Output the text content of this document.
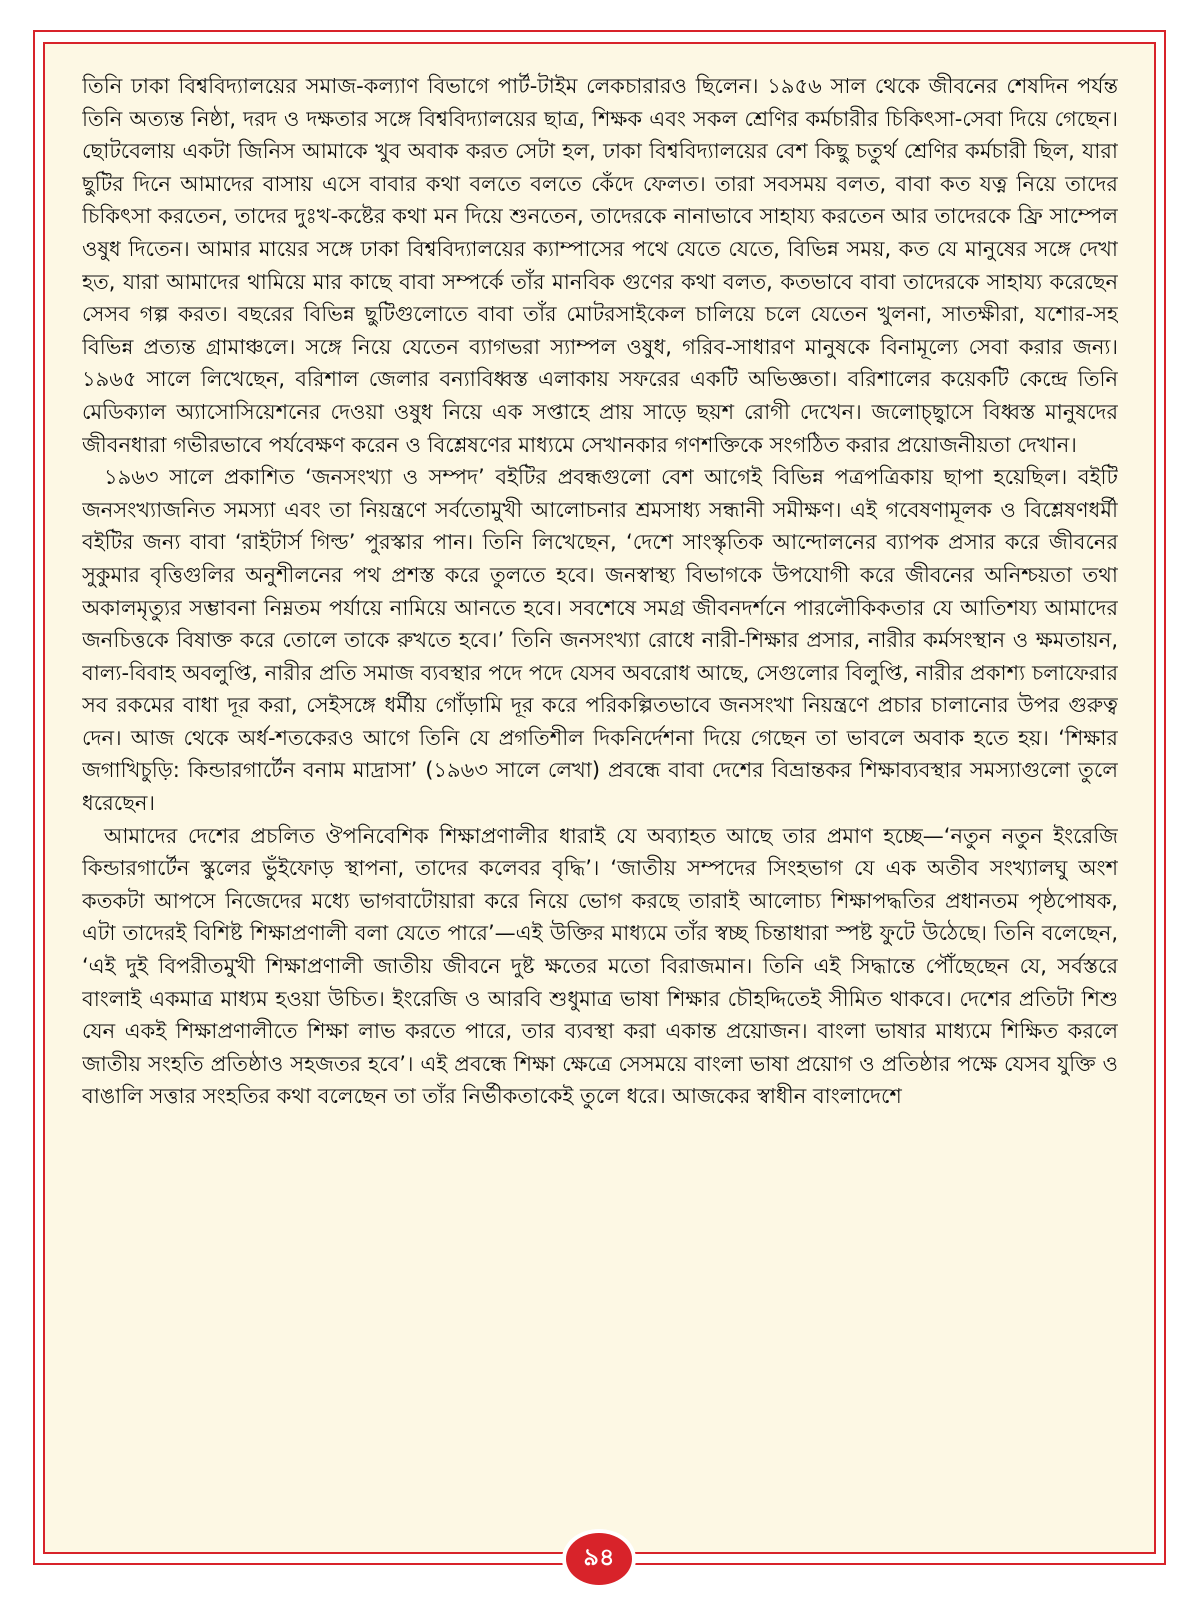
তিনি ঢাকা বিশ্ববিদ্যালয়ের সমাজ-কল্যাণ বিভাগে পার্ট-টাইম লেকচারারও ছিলেন। ১৯৫৬ সাল থেকে জীবনের শেষদিন পর্যন্ত তিনি অত্যন্ত নিষ্ঠা, দরদ ও দক্ষতার সঙ্গে বিশ্ববিদ্যালয়ের ছাত্র, শিক্ষক এবং সকল শ্রেণির কর্মচারীর চিকিৎসা-সেবা দিয়ে গেছেন। ছোটবেলায় একটা জিনিস আমাকে খুব অবাক করত সেটা হল, ঢাকা বিশ্ববিদ্যালয়ের বেশ কিছু চতুর্থ শ্রেণির কর্মচারী ছিল, যারা ছুটির দিনে আমাদের বাসায় এসে বাবার কথা বলতে বলতে কেঁদে ফেলত। তারা সবসময় বলত, বাবা কত যত্ন নিয়ে তাদের চিকিৎসা করতেন, তাদের দুঃখ-কষ্টের কথা মন দিয়ে শুনতেন, তাদেরকে নানাভাবে সাহায্য করতেন আর তাদেরকে ফ্রি সাম্পেল ওষুধ দিতেন। আমার মায়ের সঙ্গে ঢাকা বিশ্ববিদ্যালয়ের ক্যাম্পাসের পথে যেতে যেতে, বিভিন্ন সময়, কত যে মানুষের সঙ্গে দেখা হত, যারা আমাদের থামিয়ে মার কাছে বাবা সম্পর্কে তাঁর মানবিক গুণের কথা বলত, কতভাবে বাবা তাদেরকে সাহায্য করেছেন সেসব গল্প করত। বছরের বিভিন্ন ছুটিগুলোতে বাবা তাঁর মোটরসাইকেল চালিয়ে চলে যেতেন খুলনা, সাতক্ষীরা, যশোর-সহ বিভিন্ন প্রত্যন্ত গ্রামাঞ্চলে। সঙ্গে নিয়ে যেতেন ব্যাগভরা স্যাম্পল ওষুধ, গরিব-সাধারণ মানুষকে বিনামূল্যে সেবা করার জন্য। ১৯৬৫ সালে লিখেছেন, বরিশাল জেলার বন্যাবিধ্বস্ত এলাকায় সফরের একটি অভিজ্ঞতা। বরিশালের কয়েকটি কেন্দ্রে তিনি মেডিক্যাল অ্যাসোসিয়েশনের দেওয়া ওষুধ নিয়ে এক সপ্তাহে প্রায় সাড়ে ছয়শ রোগী দেখেন। জলোচ্ছ্বাসে বিধ্বস্ত মানুষদের জীবনধারা গভীরভাবে পর্যবেক্ষণ করেন ও বিশ্লেষণের মাধ্যমে সেখানকার গণশক্তিকে সংগঠিত করার প্রয়োজনীয়তা দেখান।

১৯৬৩ সালে প্রকাশিত ‘জনসংখ্যা ও সম্পদ’ বইটির প্রবন্ধগুলো বেশ আগেই বিভিন্ন পত্রপত্রিকায় ছাপা হয়েছিল। বইটি জনসংখ্যাজনিত সমস্যা এবং তা নিয়ন্ত্রণে সর্বতোমুখী আলোচনার শ্রমসাধ্য সন্ধানী সমীক্ষণ। এই গবেষণামূলক ও বিশ্লেষণধর্মী বইটির জন্য বাবা ‘রাইটার্স গিল্ড’ পুরস্কার পান। তিনি লিখেছেন, ‘দেশে সাংস্কৃতিক আন্দোলনের ব্যাপক প্রসার করে জীবনের সুকুমার বৃত্তিগুলির অনুশীলনের পথ প্রশস্ত করে তুলতে হবে। জনস্বাস্থ্য বিভাগকে উপযোগী করে জীবনের অনিশ্চয়তা তথা অকালমৃত্যুর সম্ভাবনা নিম্নতম পর্যায়ে নামিয়ে আনতে হবে। সবশেষে সমগ্র জীবনদর্শনে পারলৌকিকতার যে আতিশয্য আমাদের জনচিত্তকে বিষাক্ত করে তোলে তাকে রুখতে হবে।’ তিনি জনসংখ্যা রোধে নারী-শিক্ষার প্রসার, নারীর কর্মসংস্থান ও ক্ষমতায়ন, বাল্য-বিবাহ অবলুপ্তি, নারীর প্রতি সমাজ ব্যবস্থার পদে পদে যেসব অবরোধ আছে, সেগুলোর বিলুপ্তি, নারীর প্রকাশ্য চলাফেরার সব রকমের বাধা দূর করা, সেইসঙ্গে ধর্মীয় গোঁড়ামি দূর করে পরিকল্পিতভাবে জনসংখা নিয়ন্ত্রণে প্রচার চালানোর উপর গুরুত্ব দেন। আজ থেকে অর্ধ-শতকেরও আগে তিনি যে প্রগতিশীল দিকনির্দেশনা দিয়ে গেছেন তা ভাবলে অবাক হতে হয়। ‘শিক্ষার জগাখিচুড়ি: কিন্ডারগার্টেন বনাম মাদ্রাসা’ (১৯৬৩ সালে লেখা) প্রবন্ধে বাবা দেশের বিভ্রান্তকর শিক্ষাব্যবস্থার সমস্যাগুলো তুলে ধরেছেন।

আমাদের দেশের প্রচলিত ঔপনিবেশিক শিক্ষাপ্রণালীর ধারাই যে অব্যাহত আছে তার প্রমাণ হচ্ছে—‘নতুন নতুন ইংরেজি কিন্ডারগার্টেন স্কুলের ভুঁইফোড় স্থাপনা, তাদের কলেবর বৃদ্ধি’। ‘জাতীয় সম্পদের সিংহভাগ যে এক অতীব সংখ্যালঘু অংশ কতকটা আপসে নিজেদের মধ্যে ভাগবাটোয়ারা করে নিয়ে ভোগ করছে তারাই আলোচ্য শিক্ষাপদ্ধতির প্রধানতম পৃষ্ঠপোষক, এটা তাদেরই বিশিষ্ট শিক্ষাপ্রণালী বলা যেতে পারে’—এই উক্তির মাধ্যমে তাঁর স্বচ্ছ চিন্তাধারা স্পষ্ট ফুটে উঠেছে। তিনি বলেছেন, ‘এই দুই বিপরীতমুখী শিক্ষাপ্রণালী জাতীয় জীবনে দুষ্ট ক্ষতের মতো বিরাজমান। তিনি এই সিদ্ধান্তে পৌঁছেছেন যে, সর্বস্তরে বাংলাই একমাত্র মাধ্যম হওয়া উচিত। ইংরেজি ও আরবি শুধুমাত্র ভাষা শিক্ষার চৌহদ্দিতেই সীমিত থাকবে। দেশের প্রতিটা শিশু যেন একই শিক্ষাপ্রণালীতে শিক্ষা লাভ করতে পারে, তার ব্যবস্থা করা একান্ত প্রয়োজন। বাংলা ভাষার মাধ্যমে শিক্ষিত করলে জাতীয় সংহতি প্রতিষ্ঠাও সহজতর হবে’। এই প্রবন্ধে শিক্ষা ক্ষেত্রে সেসময়ে বাংলা ভাষা প্রয়োগ ও প্রতিষ্ঠার পক্ষে যেসব যুক্তি ও বাঙালি সত্তার সংহতির কথা বলেছেন তা তাঁর নির্ভীকতাকেই তুলে ধরে। আজকের স্বাধীন বাংলাদেশে

৯৪
